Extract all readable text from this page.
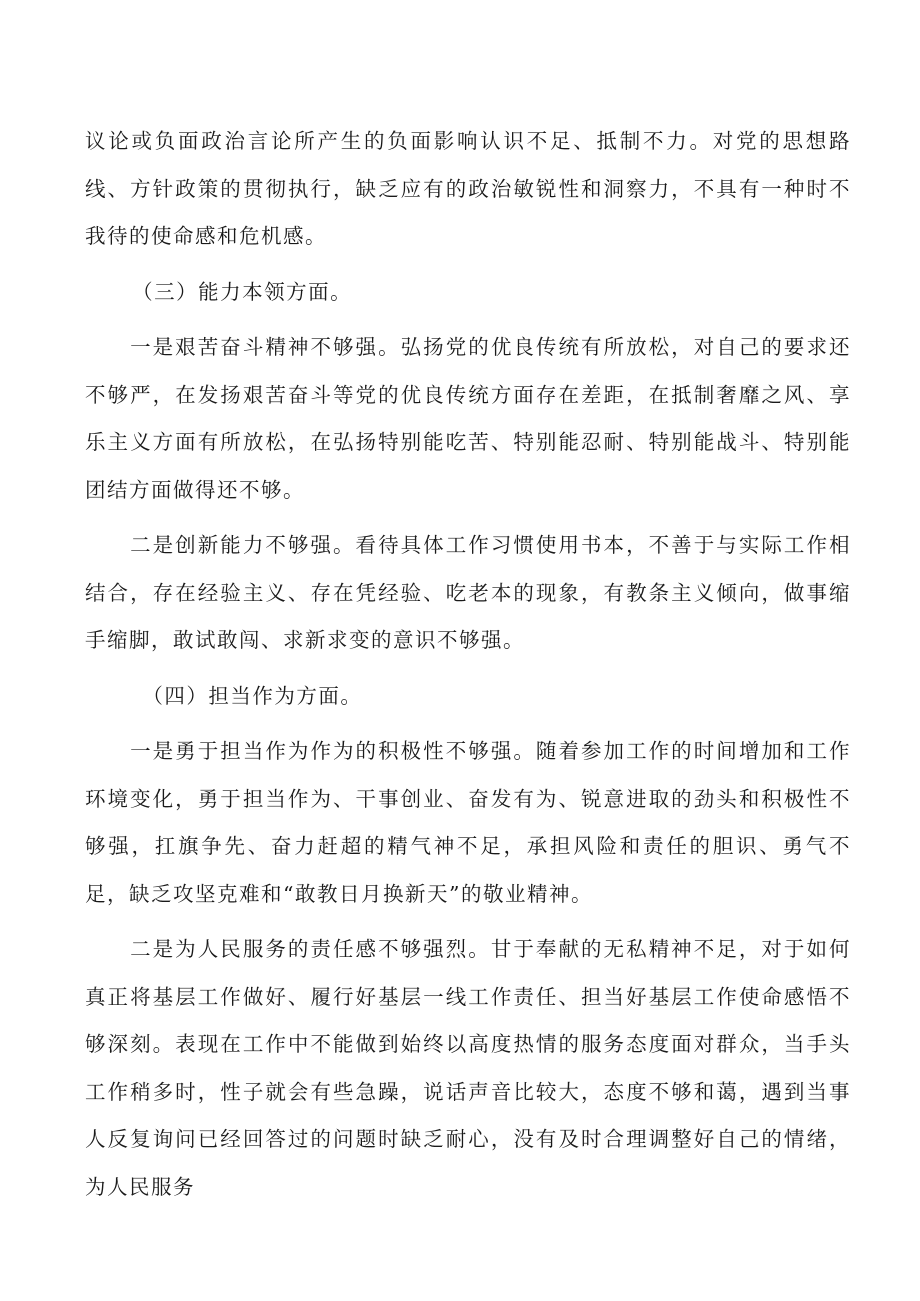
议论或负面政治言论所产生的负面影响认识不足、抵制不力。对党的思想路线、方针政策的贯彻执行，缺乏应有的政治敏锐性和洞察力，不具有一种时不我待的使命感和危机感。

（三）能力本领方面。

一是艰苦奋斗精神不够强。弘扬党的优良传统有所放松，对自己的要求还不够严，在发扬艰苦奋斗等党的优良传统方面存在差距，在抵制奢靡之风、享乐主义方面有所放松，在弘扬特别能吃苦、特别能忍耐、特别能战斗、特别能团结方面做得还不够。

二是创新能力不够强。看待具体工作习惯使用书本，不善于与实际工作相结合，存在经验主义、存在凭经验、吃老本的现象，有教条主义倾向，做事缩手缩脚，敢试敢闯、求新求变的意识不够强。

（四）担当作为方面。

一是勇于担当作为作为的积极性不够强。随着参加工作的时间增加和工作环境变化，勇于担当作为、干事创业、奋发有为、锐意进取的劲头和积极性不够强，扛旗争先、奋力赶超的精气神不足，承担风险和责任的胆识、勇气不足，缺乏攻坚克难和“敢教日月换新天”的敬业精神。

二是为人民服务的责任感不够强烈。甘于奉献的无私精神不足，对于如何真正将基层工作做好、履行好基层一线工作责任、担当好基层工作使命感悟不够深刻。表现在工作中不能做到始终以高度热情的服务态度面对群众，当手头工作稍多时，性子就会有些急躁，说话声音比较大，态度不够和蔼，遇到当事人反复询问已经回答过的问题时缺乏耐心，没有及时合理调整好自己的情绪，为人民服务
